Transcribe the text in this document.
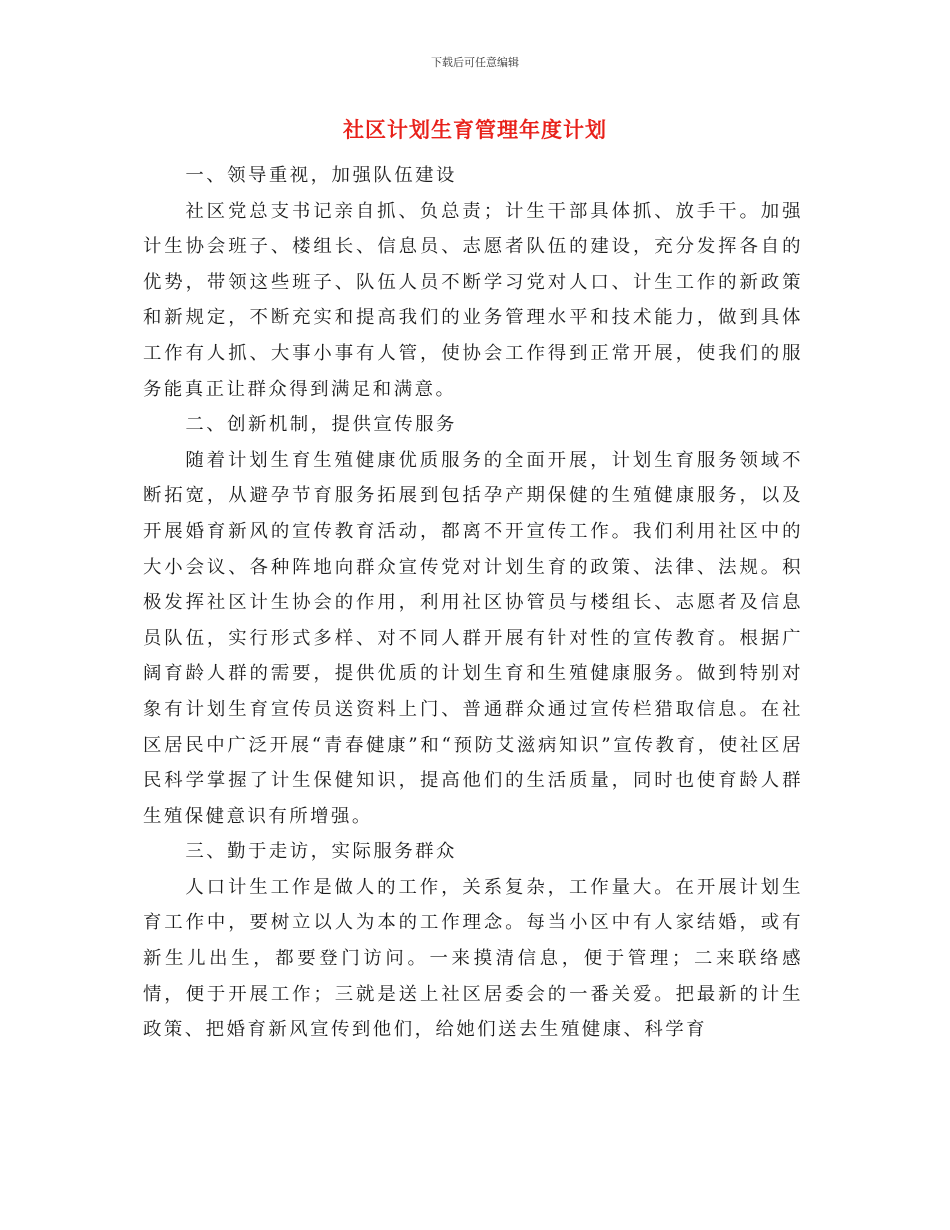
下载后可任意编辑
社区计划生育管理年度计划

一、领导重视，加强队伍建设

社区党总支书记亲自抓、负总责；计生干部具体抓、放手干。加强计生协会班子、楼组长、信息员、志愿者队伍的建设，充分发挥各自的优势，带领这些班子、队伍人员不断学习党对人口、计生工作的新政策和新规定，不断充实和提高我们的业务管理水平和技术能力，做到具体工作有人抓、大事小事有人管，使协会工作得到正常开展，使我们的服务能真正让群众得到满足和满意。

二、创新机制，提供宣传服务

随着计划生育生殖健康优质服务的全面开展，计划生育服务领域不断拓宽，从避孕节育服务拓展到包括孕产期保健的生殖健康服务，以及开展婚育新风的宣传教育活动，都离不开宣传工作。我们利用社区中的大小会议、各种阵地向群众宣传党对计划生育的政策、法律、法规。积极发挥社区计生协会的作用，利用社区协管员与楼组长、志愿者及信息员队伍，实行形式多样、对不同人群开展有针对性的宣传教育。根据广阔育龄人群的需要，提供优质的计划生育和生殖健康服务。做到特别对象有计划生育宣传员送资料上门、普通群众通过宣传栏猎取信息。在社区居民中广泛开展“青春健康”和“预防艾滋病知识”宣传教育，使社区居民科学掌握了计生保健知识，提高他们的生活质量，同时也使育龄人群生殖保健意识有所增强。

三、勤于走访，实际服务群众

人口计生工作是做人的工作，关系复杂，工作量大。在开展计划生育工作中，要树立以人为本的工作理念。每当小区中有人家结婚，或有新生儿出生，都要登门访问。一来摸清信息，便于管理；二来联络感情，便于开展工作；三就是送上社区居委会的一番关爱。把最新的计生政策、把婚育新风宣传到他们，给她们送去生殖健康、科学育
